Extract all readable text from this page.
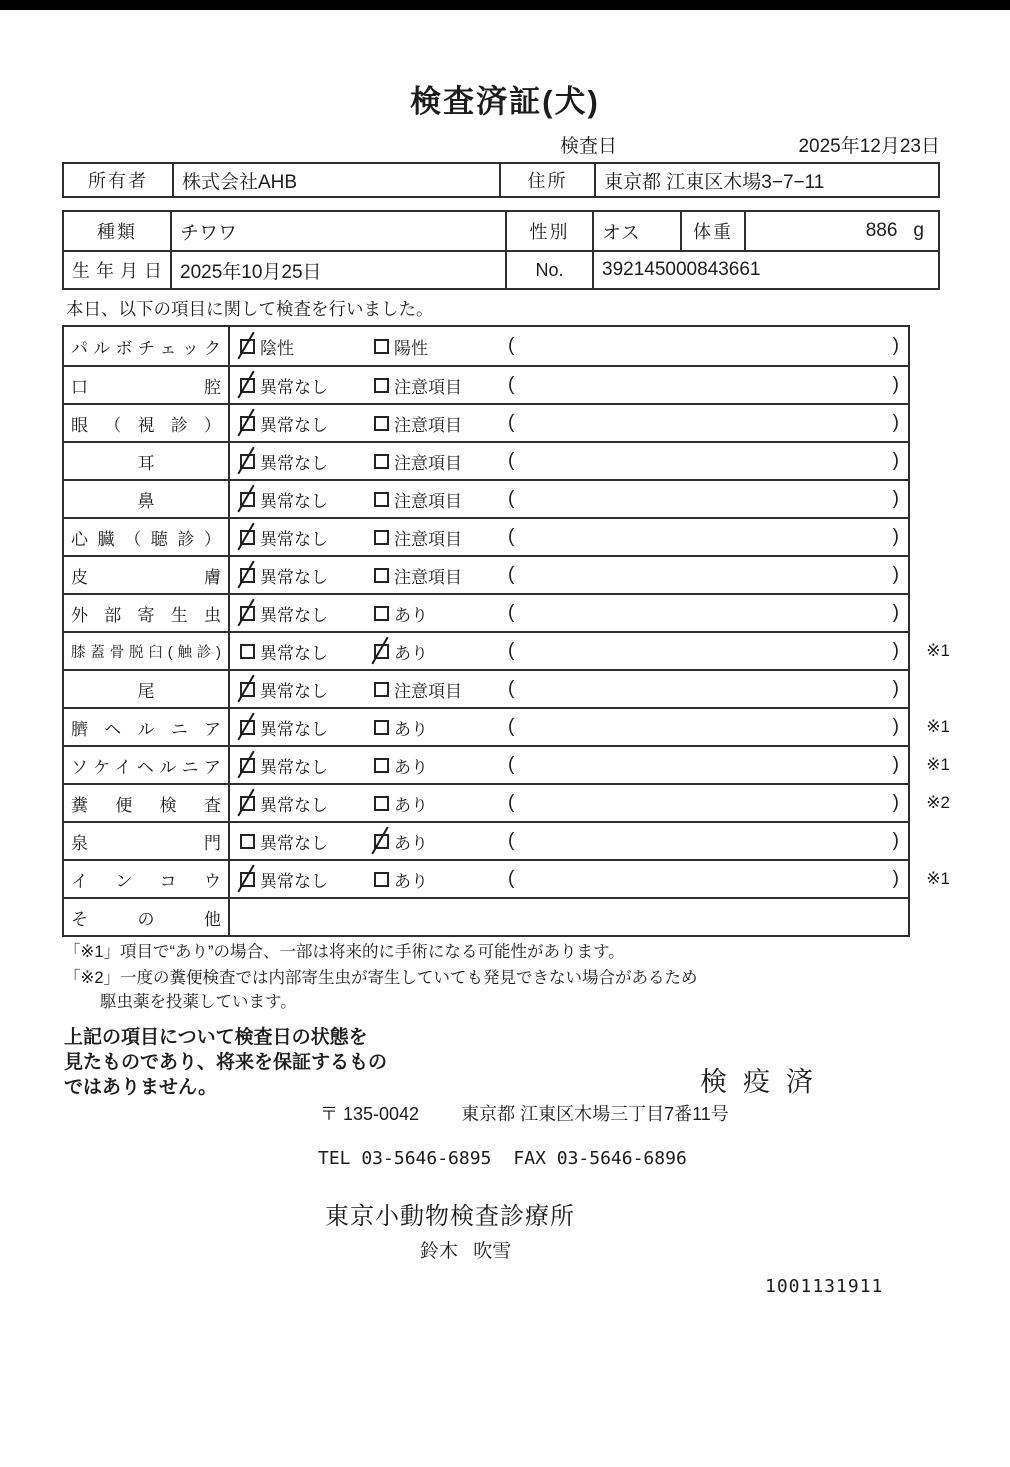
検査済証(犬)
検査日	2025年12月23日
所有者 株式会社AHB	住所 東京都 江東区木場3−7−11
種類 チワワ	性別 オス	体重	886 g
生年月日 2025年10月25日	No. 392145000843661
本日、以下の項目に関して検査を行いました。
パルボチェック 陰性	陽性	(	)
口腔 異常なし	注意項目 (	)
眼（視診） 異常なし	注意項目 (	)
耳	異常なし	注意項目 (	)
鼻	異常なし	注意項目 (	)
心臓（聴診） 異常なし	注意項目 (	)
皮膚 異常なし	注意項目 (	)
外部寄生虫 異常なし	あり	(	)
膝蓋骨脱臼(触診) 異常なし	あり	(	) ※1
尾	異常なし	注意項目 (	)
臍ヘルニア 異常なし	あり	(	) ※1
ソケイヘルニア 異常なし	あり	(	) ※1
糞便検査 異常なし	あり	(	) ※2
泉門 異常なし	あり	(	)
インコウ 異常なし	あり	(	) ※1
その他
「※1」項目で“あり”の場合、一部は将来的に手術になる可能性があります。
「※2」一度の糞便検査では内部寄生虫が寄生していても発見できない場合があるため
駆虫薬を投薬しています。
上記の項目について検査日の状態を
見たものであり、将来を保証するもの
ではありません。	検疫済
〒 135-0042 東京都 江東区木場三丁目7番11号
TEL 03-5646-6895 FAX 03-5646-6896
東京小動物検査診療所
鈴木 吹雪
1001131911
